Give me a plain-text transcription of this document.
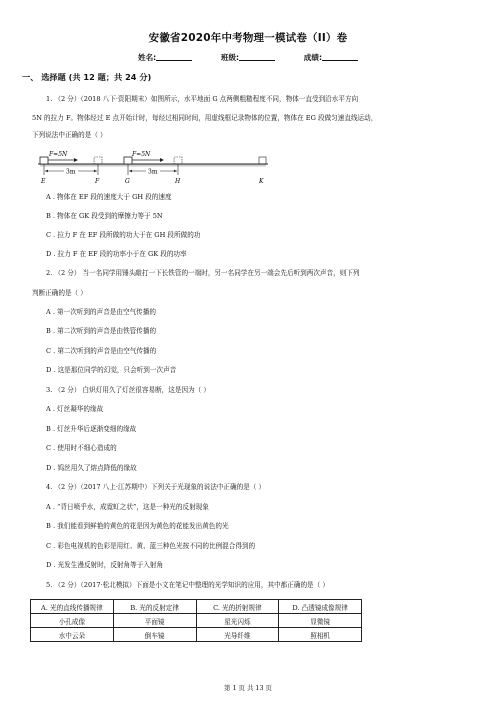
安徽省2020年中考物理一模试卷（II）卷
姓名:	班级:	成绩:
一、 选择题 (共 12 题；共 24 分)
1. （2 分）（2018 八下·资阳期末）如图所示，水平地面 G 点两侧粗糙程度不同，物体一直受到沿水平方向
5N 的拉力 F。物体经过 E 点开始计时，每经过相同时间，用虚线框记录物体的位置，物体在 EG 段做匀速直线运动，
下列说法中正确的是（ ）
F=5N	F=5N
3m	3m
E	F	G	H	K
A . 物体在 EF 段的速度大于 GH 段的速度
B . 物体在 GK 段受到的摩擦力等于 5N
C . 拉力 F 在 EF 段所做的功大于在 GH 段所做的功
D . 拉力 F 在 EF 段的功率小于在 GK 段的功率
2. （2 分） 当一名同学用锤头敲打一下长铁管的一端时，另一名同学在另一端会先后听到两次声音，则下列
判断正确的是（ ）
A . 第一次听到的声音是由空气传播的
B . 第二次听到的声音是由铁管传播的
C . 第二次听到的声音是由空气传播的
D . 这是那位同学的幻觉，只会听到一次声音
3. （2 分） 白炽灯用久了灯丝很容易断，这是因为（ ）
A . 灯丝凝华的缘故
B . 灯丝升华后逐渐变细的缘故
C . 使用时不细心造成的
D . 钨丝用久了熔点降低的缘故
4. （2 分）（2017 八上·江苏期中）下列关于光现象的说法中正确的是（ ）
A . “背日喷乎水，成霓虹之状”，这是一种光的反射现象
B . 我们能看到鲜艳的黄色的花是因为黄色的花能发出黄色的光
C . 彩色电视机的色彩是用红、黄、蓝三种色光按不同的比例混合得到的
D . 光发生漫反射时，反射角等于入射角
5. （2 分）（2017·松北模拟）下面是小文在笔记中整理的光学知识的应用，其中都正确的是（ ）
A. 光的直线传播规律	B. 光的反射定律	C. 光的折射规律	D. 凸透镜成像规律
小孔成像	平面镜	星光闪烁	显微镜
水中云朵	倒车镜	光导纤维	照相机
第 1 页 共 13 页
